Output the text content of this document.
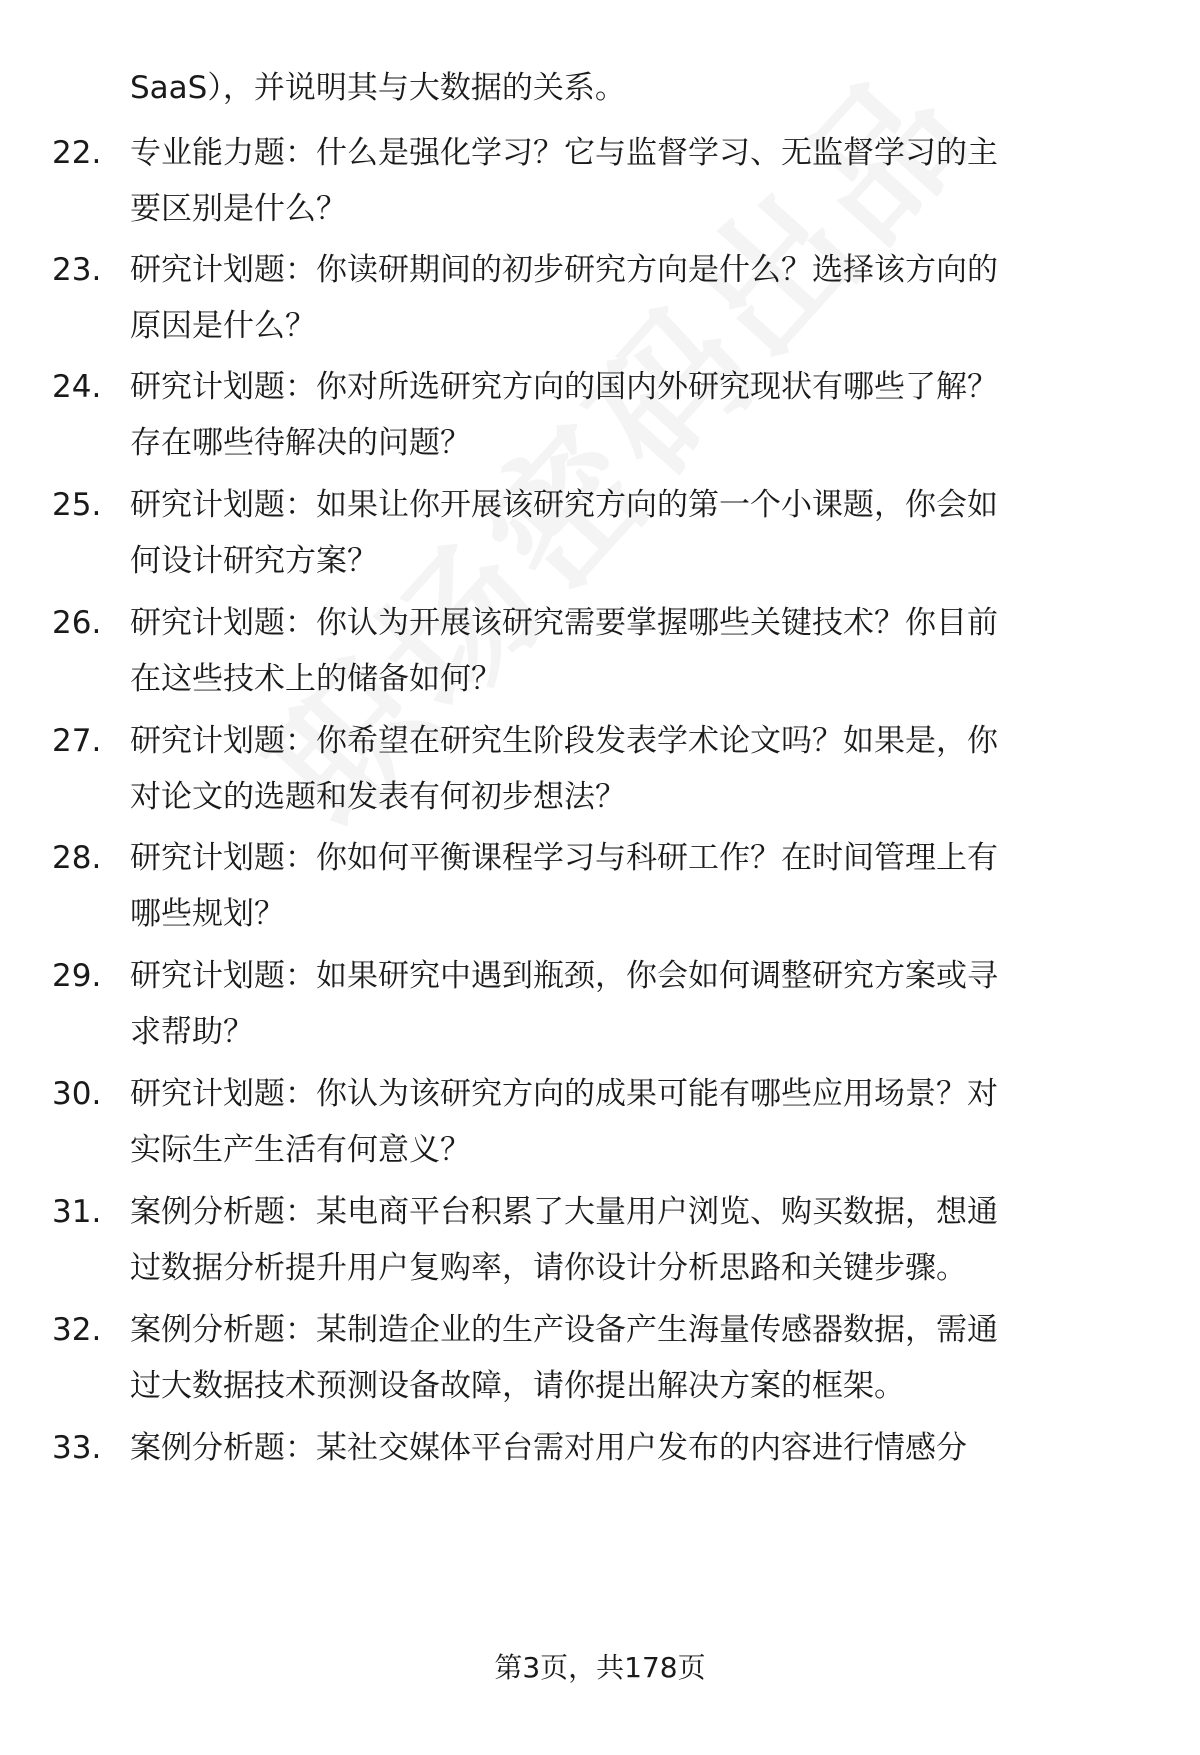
SaaS），并说明其与大数据的关系。
22. 专业能力题：什么是强化学习？它与监督学习、无监督学习的主
要区别是什么？
23. 研究计划题：你读研期间的初步研究方向是什么？选择该方向的
原因是什么？
24. 研究计划题：你对所选研究方向的国内外研究现状有哪些了解？
存在哪些待解决的问题？
25. 研究计划题：如果让你开展该研究方向的第一个小课题，你会如
何设计研究方案？
26. 研究计划题：你认为开展该研究需要掌握哪些关键技术？你目前
在这些技术上的储备如何？
27. 研究计划题：你希望在研究生阶段发表学术论文吗？如果是，你
对论文的选题和发表有何初步想法？
28. 研究计划题：你如何平衡课程学习与科研工作？在时间管理上有
哪些规划？
29. 研究计划题：如果研究中遇到瓶颈，你会如何调整研究方案或寻
求帮助？
30. 研究计划题：你认为该研究方向的成果可能有哪些应用场景？对
实际生产生活有何意义？
31. 案例分析题：某电商平台积累了大量用户浏览、购买数据，想通
过数据分析提升用户复购率，请你设计分析思路和关键步骤。
32. 案例分析题：某制造企业的生产设备产生海量传感器数据，需通
过大数据技术预测设备故障，请你提出解决方案的框架。
33. 案例分析题：某社交媒体平台需对用户发布的内容进行情感分
第3页，共178页
